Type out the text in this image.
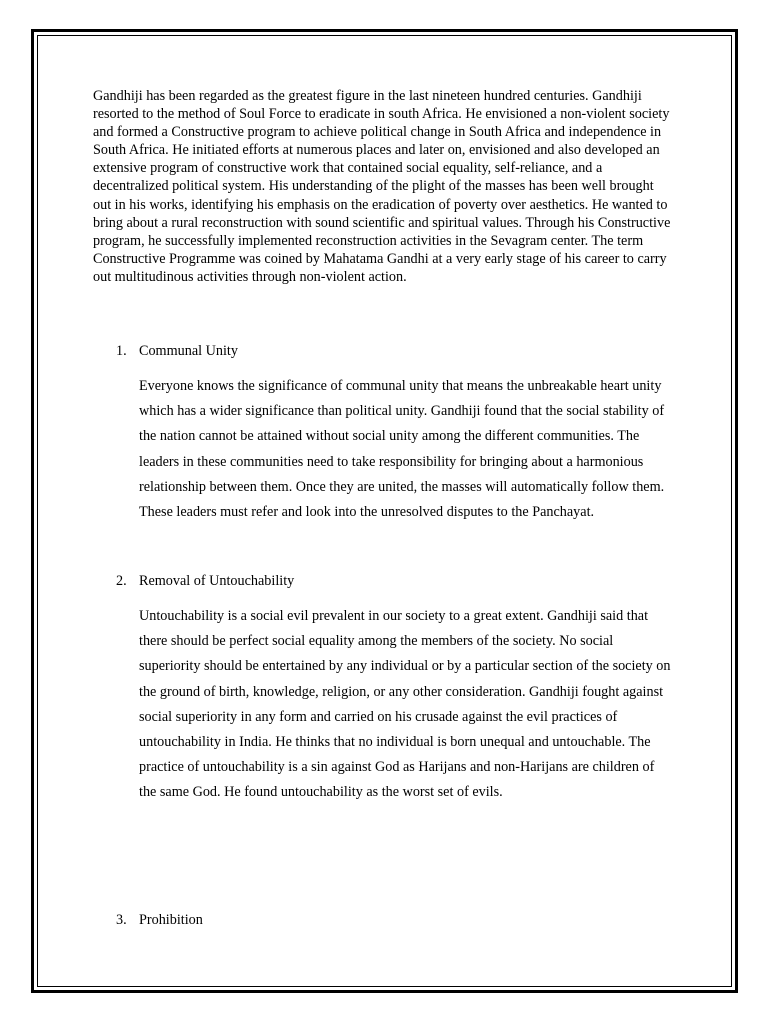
Gandhiji has been regarded as the greatest figure in the last nineteen hundred centuries. Gandhiji resorted to the method of Soul Force to eradicate in south Africa. He envisioned a non-violent society and formed a Constructive program to achieve political change in South Africa and independence in South Africa. He initiated efforts at numerous places and later on, envisioned and also developed an extensive program of constructive work that contained social equality, self-reliance, and a decentralized political system. His understanding of the plight of the masses has been well brought out in his works, identifying his emphasis on the eradication of poverty over aesthetics. He wanted to bring about a rural reconstruction with sound scientific and spiritual values. Through his Constructive program, he successfully implemented reconstruction activities in the Sevagram center. The term Constructive Programme was coined by Mahatama Gandhi at a very early stage of his career to carry out multitudinous activities through non-violent action.

1. Communal Unity

Everyone knows the significance of communal unity that means the unbreakable heart unity which has a wider significance than political unity. Gandhiji found that the social stability of the nation cannot be attained without social unity among the different communities. The leaders in these communities need to take responsibility for bringing about a harmonious relationship between them. Once they are united, the masses will automatically follow them. These leaders must refer and look into the unresolved disputes to the Panchayat.

2. Removal of Untouchability

Untouchability is a social evil prevalent in our society to a great extent. Gandhiji said that there should be perfect social equality among the members of the society. No social superiority should be entertained by any individual or by a particular section of the society on the ground of birth, knowledge, religion, or any other consideration. Gandhiji fought against social superiority in any form and carried on his crusade against the evil practices of untouchability in India. He thinks that no individual is born unequal and untouchable. The practice of untouchability is a sin against God as Harijans and non-Harijans are children of the same God. He found untouchability as the worst set of evils.

3. Prohibition
